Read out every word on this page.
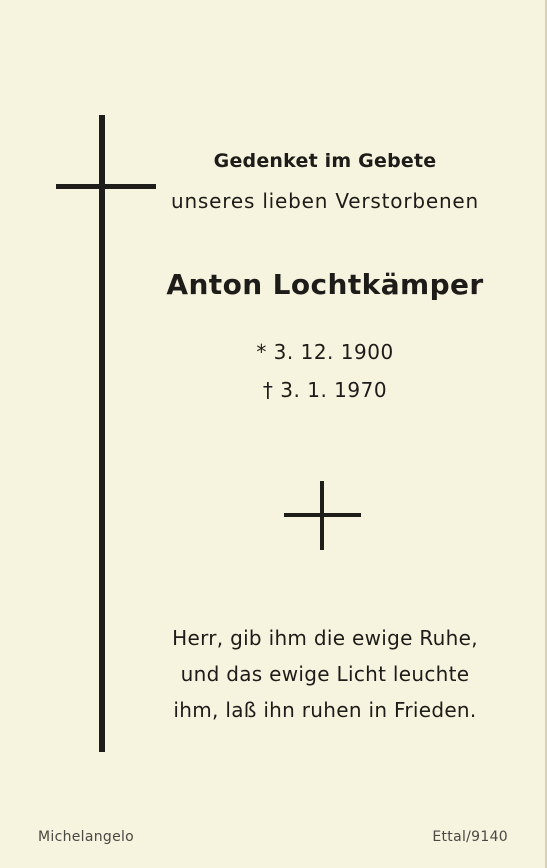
Gedenket im Gebete
unseres lieben Verstorbenen
Anton Lochtkämper
* 3. 12. 1900
† 3. 1. 1970
Herr, gib ihm die ewige Ruhe,
und das ewige Licht leuchte
ihm, laß ihn ruhen in Frieden.
Michelangelo	Ettal/9140
